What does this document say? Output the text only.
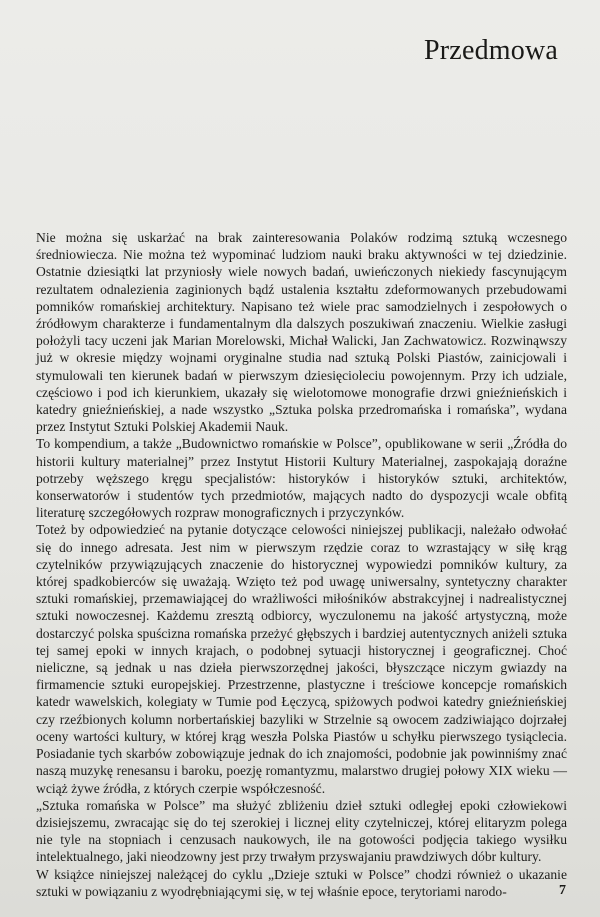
Przedmowa

Nie można się uskarżać na brak zainteresowania Polaków rodzimą sztuką wczesnego średniowiecza. Nie można też wypominać ludziom nauki braku aktywności w tej dziedzinie. Ostatnie dziesiątki lat przyniosły wiele nowych badań, uwieńczonych niekiedy fascynującym rezultatem odnalezienia zaginionych bądź ustalenia kształtu zdeformowanych przebudowami pomników romańskiej architektury. Napisano też wiele prac samodzielnych i zespołowych o źródłowym charakterze i fundamentalnym dla dalszych poszukiwań znaczeniu. Wielkie zasługi położyli tacy uczeni jak Marian Morelowski, Michał Walicki, Jan Zachwatowicz. Rozwinąwszy już w okresie między wojnami oryginalne studia nad sztuką Polski Piastów, zainicjowali i stymulowali ten kierunek badań w pierwszym dziesięcioleciu powojennym. Przy ich udziale, częściowo i pod ich kierunkiem, ukazały się wielotomowe monografie drzwi gnieźnieńskich i katedry gnieźnieńskiej, a nade wszystko „Sztuka polska przedromańska i romańska”, wydana przez Instytut Sztuki Polskiej Akademii Nauk.

To kompendium, a także „Budownictwo romańskie w Polsce”, opublikowane w serii „Źródła do historii kultury materialnej” przez Instytut Historii Kultury Materialnej, zaspokajają doraźne potrzeby węższego kręgu specjalistów: historyków i historyków sztuki, architektów, konserwatorów i studentów tych przedmiotów, mających nadto do dyspozycji wcale obfitą literaturę szczegółowych rozpraw monograficznych i przyczynków.

Toteż by odpowiedzieć na pytanie dotyczące celowości niniejszej publikacji, należało odwołać się do innego adresata. Jest nim w pierwszym rzędzie coraz to wzrastający w siłę krąg czytelników przywiązujących znaczenie do historycznej wypowiedzi pomników kultury, za której spadkobierców się uważają. Wzięto też pod uwagę uniwersalny, syntetyczny charakter sztuki romańskiej, przemawiającej do wrażliwości miłośników abstrakcyjnej i nadrealistycznej sztuki nowoczesnej. Każdemu zresztą odbiorcy, wyczulonemu na jakość artystyczną, może dostarczyć polska spuścizna romańska przeżyć głębszych i bardziej autentycznych aniżeli sztuka tej samej epoki w innych krajach, o podobnej sytuacji historycznej i geograficznej. Choć nieliczne, są jednak u nas dzieła pierwszorzędnej jakości, błyszczące niczym gwiazdy na firmamencie sztuki europejskiej. Przestrzenne, plastyczne i treściowe koncepcje romańskich katedr wawelskich, kolegiaty w Tumie pod Łęczycą, spiżowych podwoi katedry gnieźnieńskiej czy rzeźbionych kolumn norbertańskiej bazyliki w Strzelnie są owocem zadziwiająco dojrzałej oceny wartości kultury, w której krąg weszła Polska Piastów u schyłku pierwszego tysiąclecia. Posiadanie tych skarbów zobowiązuje jednak do ich znajomości, podobnie jak powinniśmy znać naszą muzykę renesansu i baroku, poezję romantyzmu, malarstwo drugiej połowy XIX wieku — wciąż żywe źródła, z których czerpie współczesność.

„Sztuka romańska w Polsce” ma służyć zbliżeniu dzieł sztuki odległej epoki człowiekowi dzisiejszemu, zwracając się do tej szerokiej i licznej elity czytelniczej, której elitaryzm polega nie tyle na stopniach i cenzusach naukowych, ile na gotowości podjęcia takiego wysiłku intelektualnego, jaki nieodzowny jest przy trwałym przyswajaniu prawdziwych dóbr kultury.

W książce niniejszej należącej do cyklu „Dzieje sztuki w Polsce” chodzi również o ukazanie sztuki w powiązaniu z wyodrębniającymi się, w tej właśnie epoce, terytoriami narodo-	7
